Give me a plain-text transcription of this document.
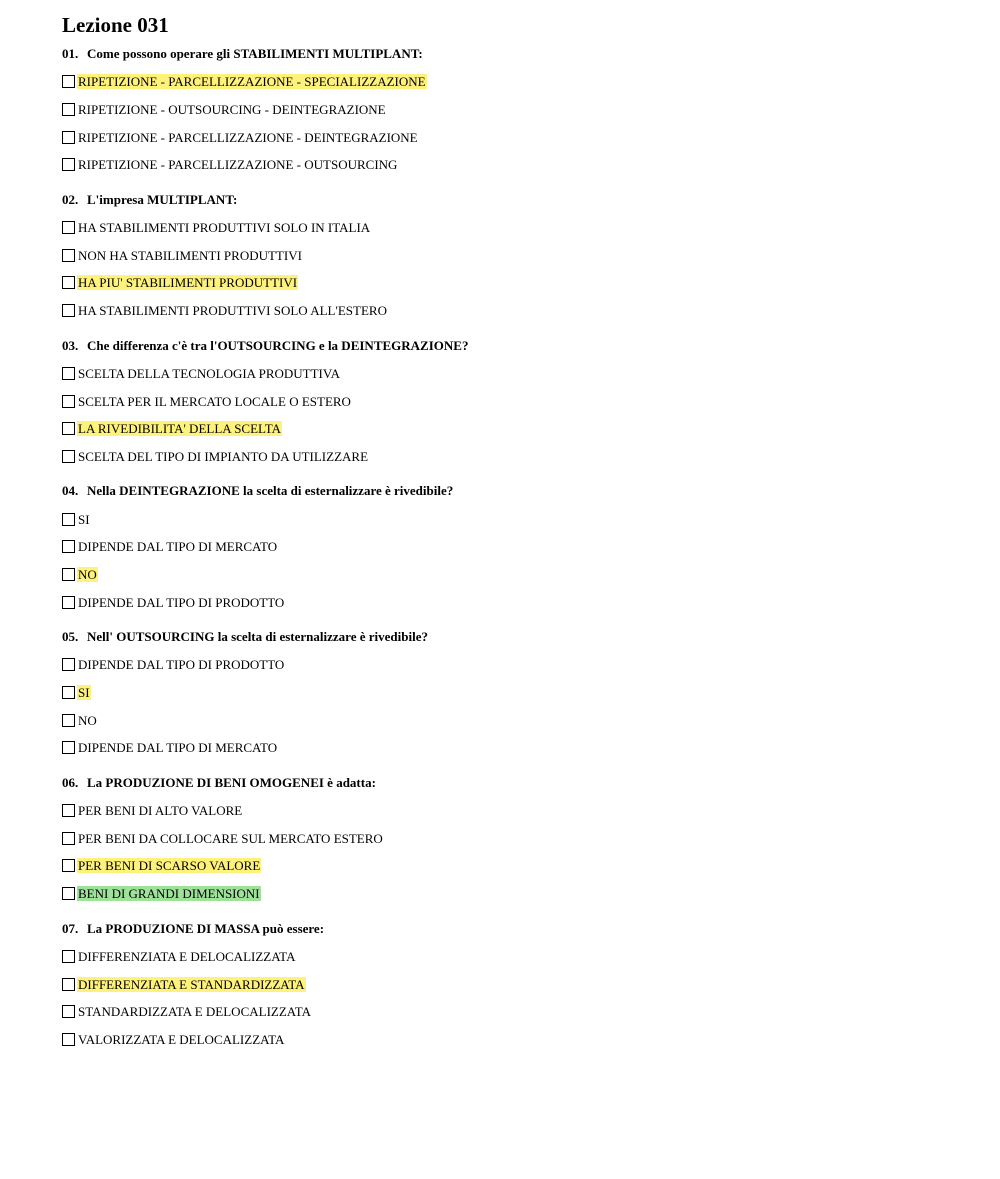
Lezione 031
01. Come possono operare gli STABILIMENTI MULTIPLANT:
RIPETIZIONE - PARCELLIZZAZIONE - SPECIALIZZAZIONE
RIPETIZIONE - OUTSOURCING - DEINTEGRAZIONE
RIPETIZIONE - PARCELLIZZAZIONE - DEINTEGRAZIONE
RIPETIZIONE - PARCELLIZZAZIONE - OUTSOURCING
02. L'impresa MULTIPLANT:
HA STABILIMENTI PRODUTTIVI SOLO IN ITALIA
NON HA STABILIMENTI PRODUTTIVI
HA PIU' STABILIMENTI PRODUTTIVI
HA STABILIMENTI PRODUTTIVI SOLO ALL'ESTERO
03. Che differenza c'è tra l'OUTSOURCING e la DEINTEGRAZIONE?
SCELTA DELLA TECNOLOGIA PRODUTTIVA
SCELTA PER IL MERCATO LOCALE O ESTERO
LA RIVEDIBILITA' DELLA SCELTA
SCELTA DEL TIPO DI IMPIANTO DA UTILIZZARE
04. Nella DEINTEGRAZIONE la scelta di esternalizzare è rivedibile?
SI
DIPENDE DAL TIPO DI MERCATO
NO
DIPENDE DAL TIPO DI PRODOTTO
05. Nell' OUTSOURCING la scelta di esternalizzare è rivedibile?
DIPENDE DAL TIPO DI PRODOTTO
SI
NO
DIPENDE DAL TIPO DI MERCATO
06. La PRODUZIONE DI BENI OMOGENEI è adatta:
PER BENI DI ALTO VALORE
PER BENI DA COLLOCARE SUL MERCATO ESTERO
PER BENI DI SCARSO VALORE
BENI DI GRANDI DIMENSIONI
07. La PRODUZIONE DI MASSA può essere:
DIFFERENZIATA E DELOCALIZZATA
DIFFERENZIATA E STANDARDIZZATA
STANDARDIZZATA E DELOCALIZZATA
VALORIZZATA E DELOCALIZZATA
